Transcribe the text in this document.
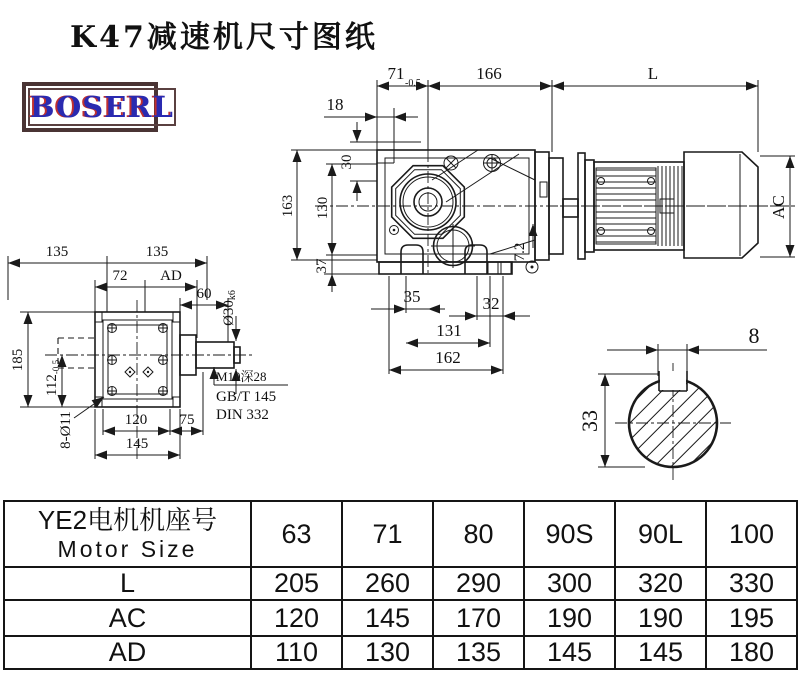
K47减速机尺寸图纸
BOSERL
71
-0.5
166	L
18
30
163 130
37
7.2
35	32
131
162
AC
135	135
72 AD
60
Ø30k6
185
$112_{-0.5}$
8-Ø11	120 75
145
M10深28
GB/T 145
DIN 332
8
33
YE2电机机座号
Motor Size	63	71	80	90S	90L	100
L	205	260	290	300	320	330
AC	120	145	170	190	190	195
AD	110	130	135	145	145	180
